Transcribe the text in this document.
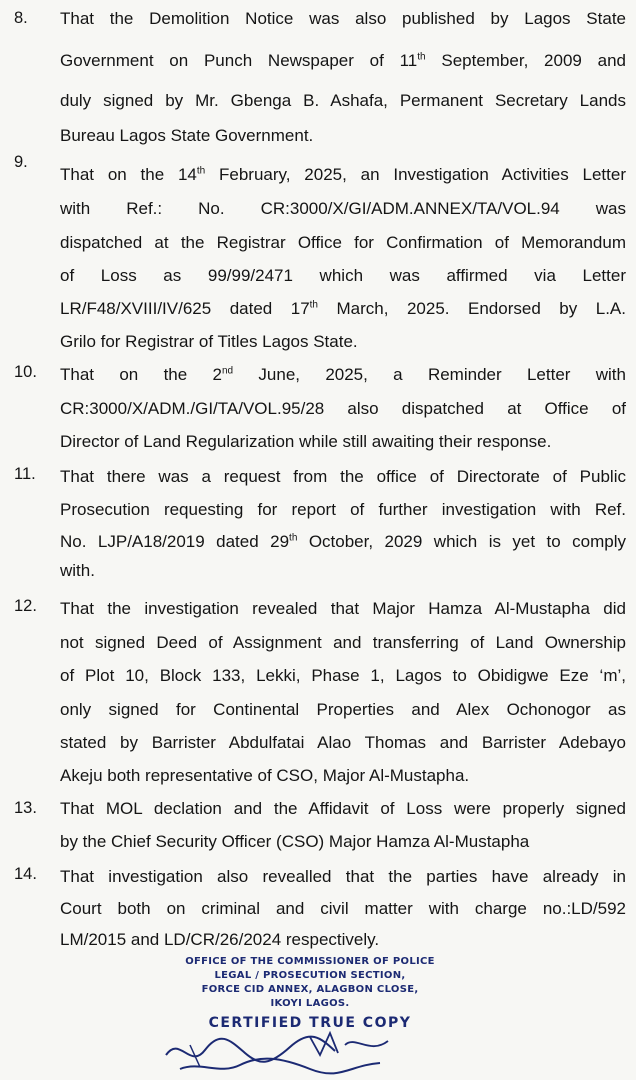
8. That the Demolition Notice was also published by Lagos State
Government on Punch Newspaper of 11th September, 2009 and
duly signed by Mr. Gbenga B. Ashafa, Permanent Secretary Lands
Bureau Lagos State Government.
9.
That on the 14th February, 2025, an Investigation Activities Letter
with Ref.: No. CR:3000/X/GI/ADM.ANNEX/TA/VOL.94 was
dispatched at the Registrar Office for Confirmation of Memorandum
of Loss as 99/99/2471 which was affirmed via Letter
LR/F48/XVIII/IV/625 dated 17th March, 2025. Endorsed by L.A.
Grilo for Registrar of Titles Lagos State.
10. That on the 2nd June, 2025, a Reminder Letter with
CR:3000/X/ADM./GI/TA/VOL.95/28 also dispatched at Office of
Director of Land Regularization while still awaiting their response.
11. That there was a request from the office of Directorate of Public
Prosecution requesting for report of further investigation with Ref.
No. LJP/A18/2019 dated 29th October, 2029 which is yet to comply
with.
12. That the investigation revealed that Major Hamza Al-Mustapha did
not signed Deed of Assignment and transferring of Land Ownership
of Plot 10, Block 133, Lekki, Phase 1, Lagos to Obidigwe Eze ‘m’,
only signed for Continental Properties and Alex Ochonogor as
stated by Barrister Abdulfatai Alao Thomas and Barrister Adebayo
Akeju both representative of CSO, Major Al-Mustapha.
13. That MOL declation and the Affidavit of Loss were properly signed
by the Chief Security Officer (CSO) Major Hamza Al-Mustapha
14. That investigation also revealled that the parties have already in
Court both on criminal and civil matter with charge no.:LD/592
LM/2015 and LD/CR/26/2024 respectively.
OFFICE OF THE COMMISSIONER OF POLICE
LEGAL / PROSECUTION SECTION,
FORCE CID ANNEX, ALAGBON CLOSE,
IKOYI LAGOS.
CERTIFIED TRUE COPY
